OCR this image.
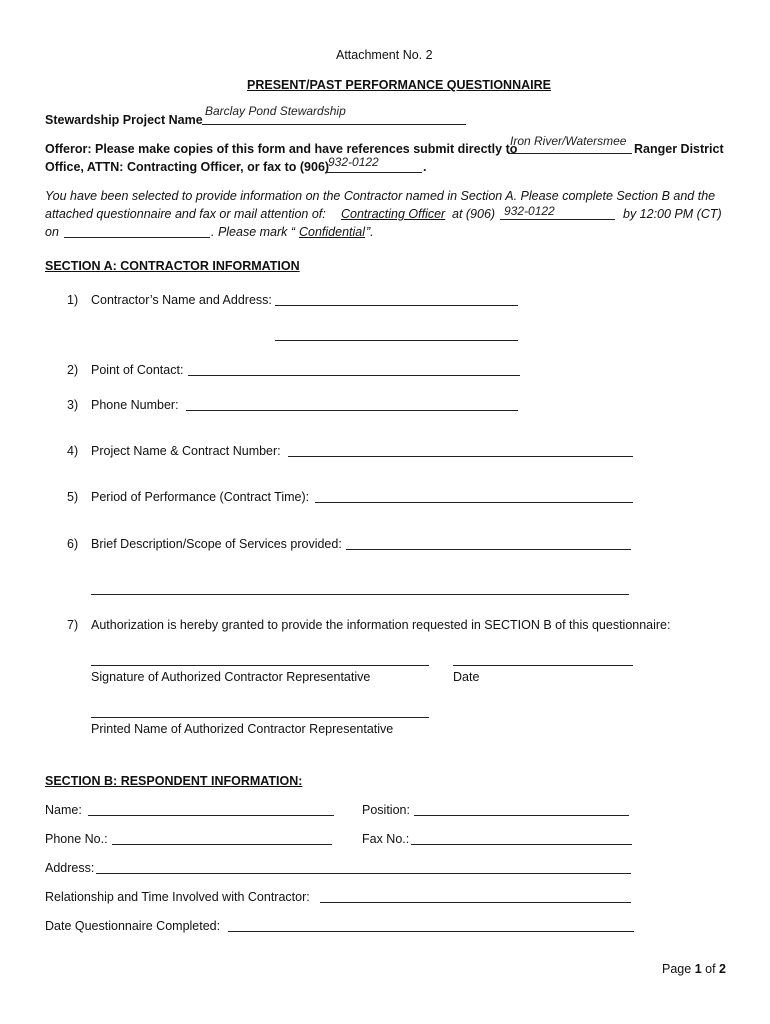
Attachment No. 2
PRESENT/PAST PERFORMANCE QUESTIONNAIRE
Stewardship Project Name
Barclay Pond Stewardship
Offeror: Please make copies of this form and have references submit directly to
Iron River/Watersmee
Ranger District
Office, ATTN: Contracting Officer, or fax to (906)
932-0122	.
You have been selected to provide information on the Contractor named in Section A. Please complete Section B and the
attached questionnaire and fax or mail attention of: Contracting Officer at (906) 932-0122	by 12:00 PM (CT)
on	. Please mark “ Confidential ”.
SECTION A: CONTRACTOR INFORMATION
1) Contractor’s Name and Address:
2) Point of Contact:
3) Phone Number:
4) Project Name & Contract Number:
5) Period of Performance (Contract Time):
6) Brief Description/Scope of Services provided:
7) Authorization is hereby granted to provide the information requested in SECTION B of this questionnaire:
Signature of Authorized Contractor Representative	Date
Printed Name of Authorized Contractor Representative
SECTION B: RESPONDENT INFORMATION:
Name:	Position:
Phone No.:	Fax No.:
Address:
Relationship and Time Involved with Contractor:
Date Questionnaire Completed:
Page 1 of 2
